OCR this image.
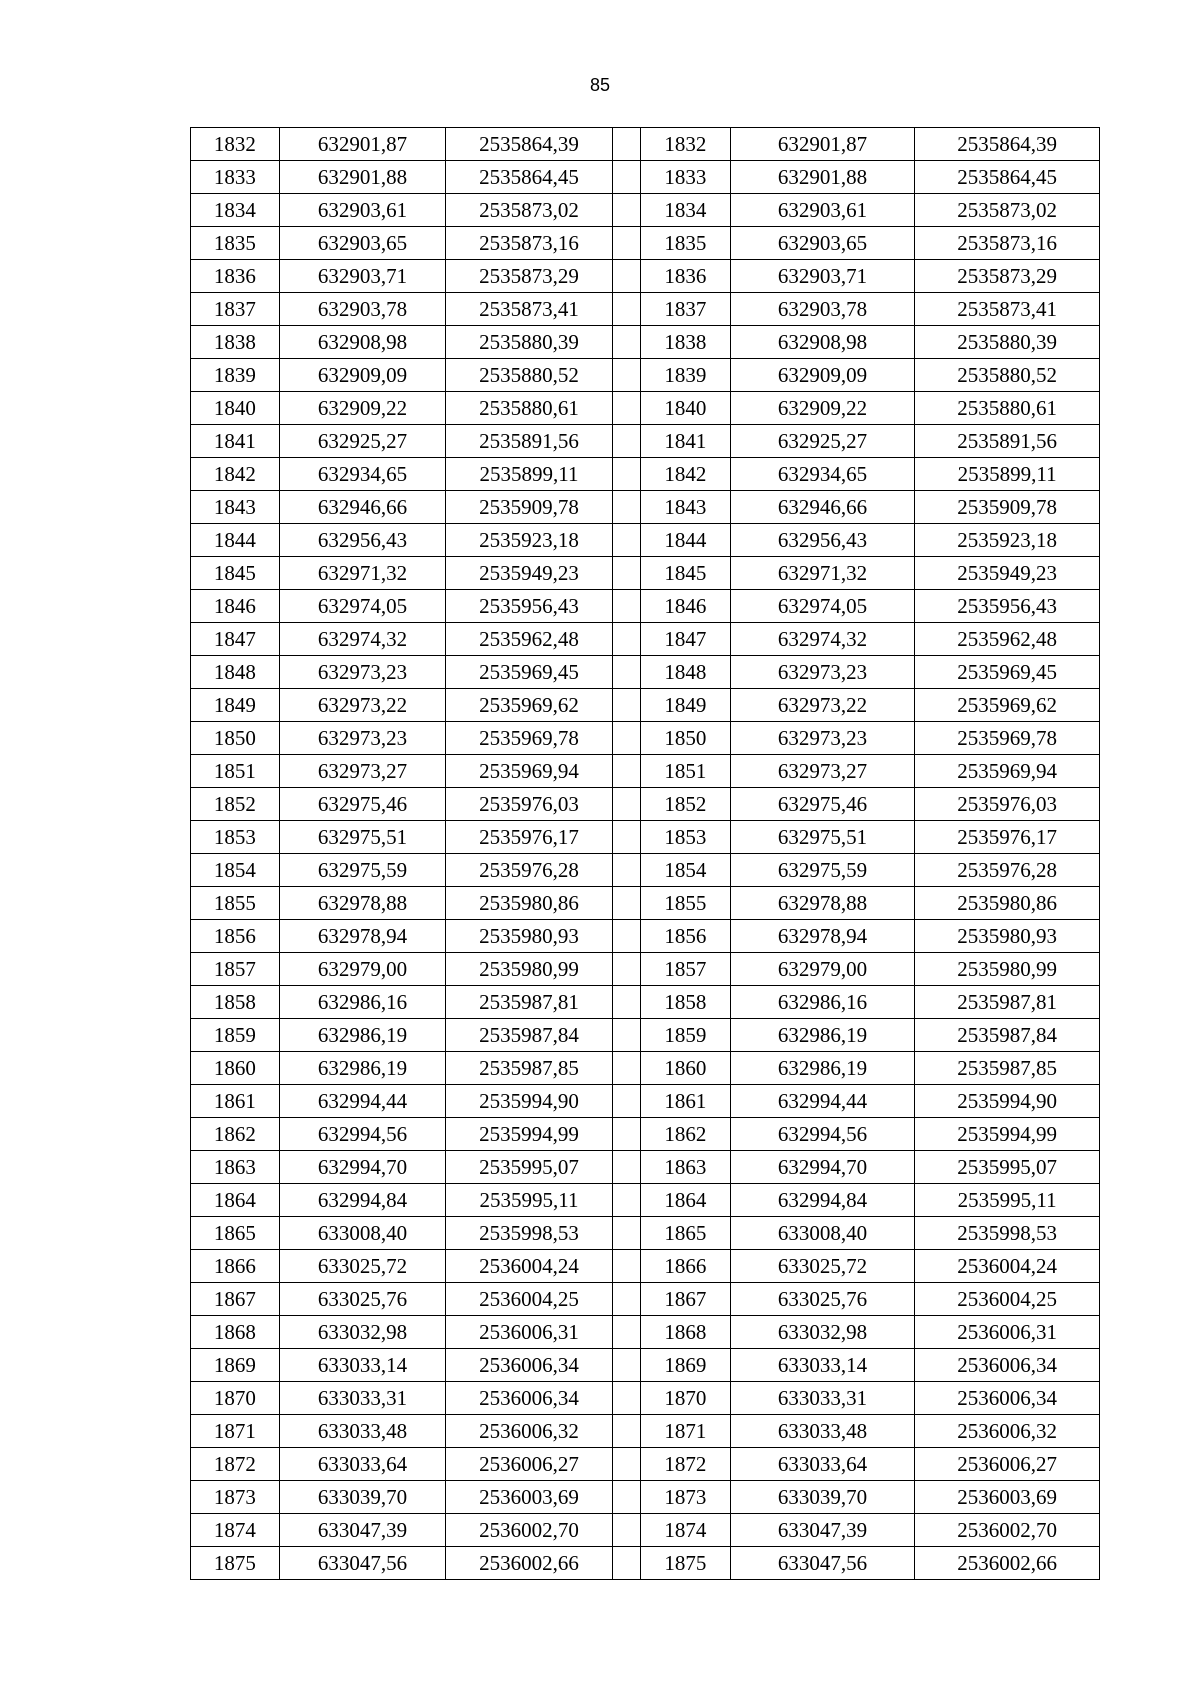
85
1832	632901,87	2535864,39		1832	632901,87	2535864,39
1833	632901,88	2535864,45		1833	632901,88	2535864,45
1834	632903,61	2535873,02		1834	632903,61	2535873,02
1835	632903,65	2535873,16		1835	632903,65	2535873,16
1836	632903,71	2535873,29		1836	632903,71	2535873,29
1837	632903,78	2535873,41		1837	632903,78	2535873,41
1838	632908,98	2535880,39		1838	632908,98	2535880,39
1839	632909,09	2535880,52		1839	632909,09	2535880,52
1840	632909,22	2535880,61		1840	632909,22	2535880,61
1841	632925,27	2535891,56		1841	632925,27	2535891,56
1842	632934,65	2535899,11		1842	632934,65	2535899,11
1843	632946,66	2535909,78		1843	632946,66	2535909,78
1844	632956,43	2535923,18		1844	632956,43	2535923,18
1845	632971,32	2535949,23		1845	632971,32	2535949,23
1846	632974,05	2535956,43		1846	632974,05	2535956,43
1847	632974,32	2535962,48		1847	632974,32	2535962,48
1848	632973,23	2535969,45		1848	632973,23	2535969,45
1849	632973,22	2535969,62		1849	632973,22	2535969,62
1850	632973,23	2535969,78		1850	632973,23	2535969,78
1851	632973,27	2535969,94		1851	632973,27	2535969,94
1852	632975,46	2535976,03		1852	632975,46	2535976,03
1853	632975,51	2535976,17		1853	632975,51	2535976,17
1854	632975,59	2535976,28		1854	632975,59	2535976,28
1855	632978,88	2535980,86		1855	632978,88	2535980,86
1856	632978,94	2535980,93		1856	632978,94	2535980,93
1857	632979,00	2535980,99		1857	632979,00	2535980,99
1858	632986,16	2535987,81		1858	632986,16	2535987,81
1859	632986,19	2535987,84		1859	632986,19	2535987,84
1860	632986,19	2535987,85		1860	632986,19	2535987,85
1861	632994,44	2535994,90		1861	632994,44	2535994,90
1862	632994,56	2535994,99		1862	632994,56	2535994,99
1863	632994,70	2535995,07		1863	632994,70	2535995,07
1864	632994,84	2535995,11		1864	632994,84	2535995,11
1865	633008,40	2535998,53		1865	633008,40	2535998,53
1866	633025,72	2536004,24		1866	633025,72	2536004,24
1867	633025,76	2536004,25		1867	633025,76	2536004,25
1868	633032,98	2536006,31		1868	633032,98	2536006,31
1869	633033,14	2536006,34		1869	633033,14	2536006,34
1870	633033,31	2536006,34		1870	633033,31	2536006,34
1871	633033,48	2536006,32		1871	633033,48	2536006,32
1872	633033,64	2536006,27		1872	633033,64	2536006,27
1873	633039,70	2536003,69		1873	633039,70	2536003,69
1874	633047,39	2536002,70		1874	633047,39	2536002,70
1875	633047,56	2536002,66		1875	633047,56	2536002,66
